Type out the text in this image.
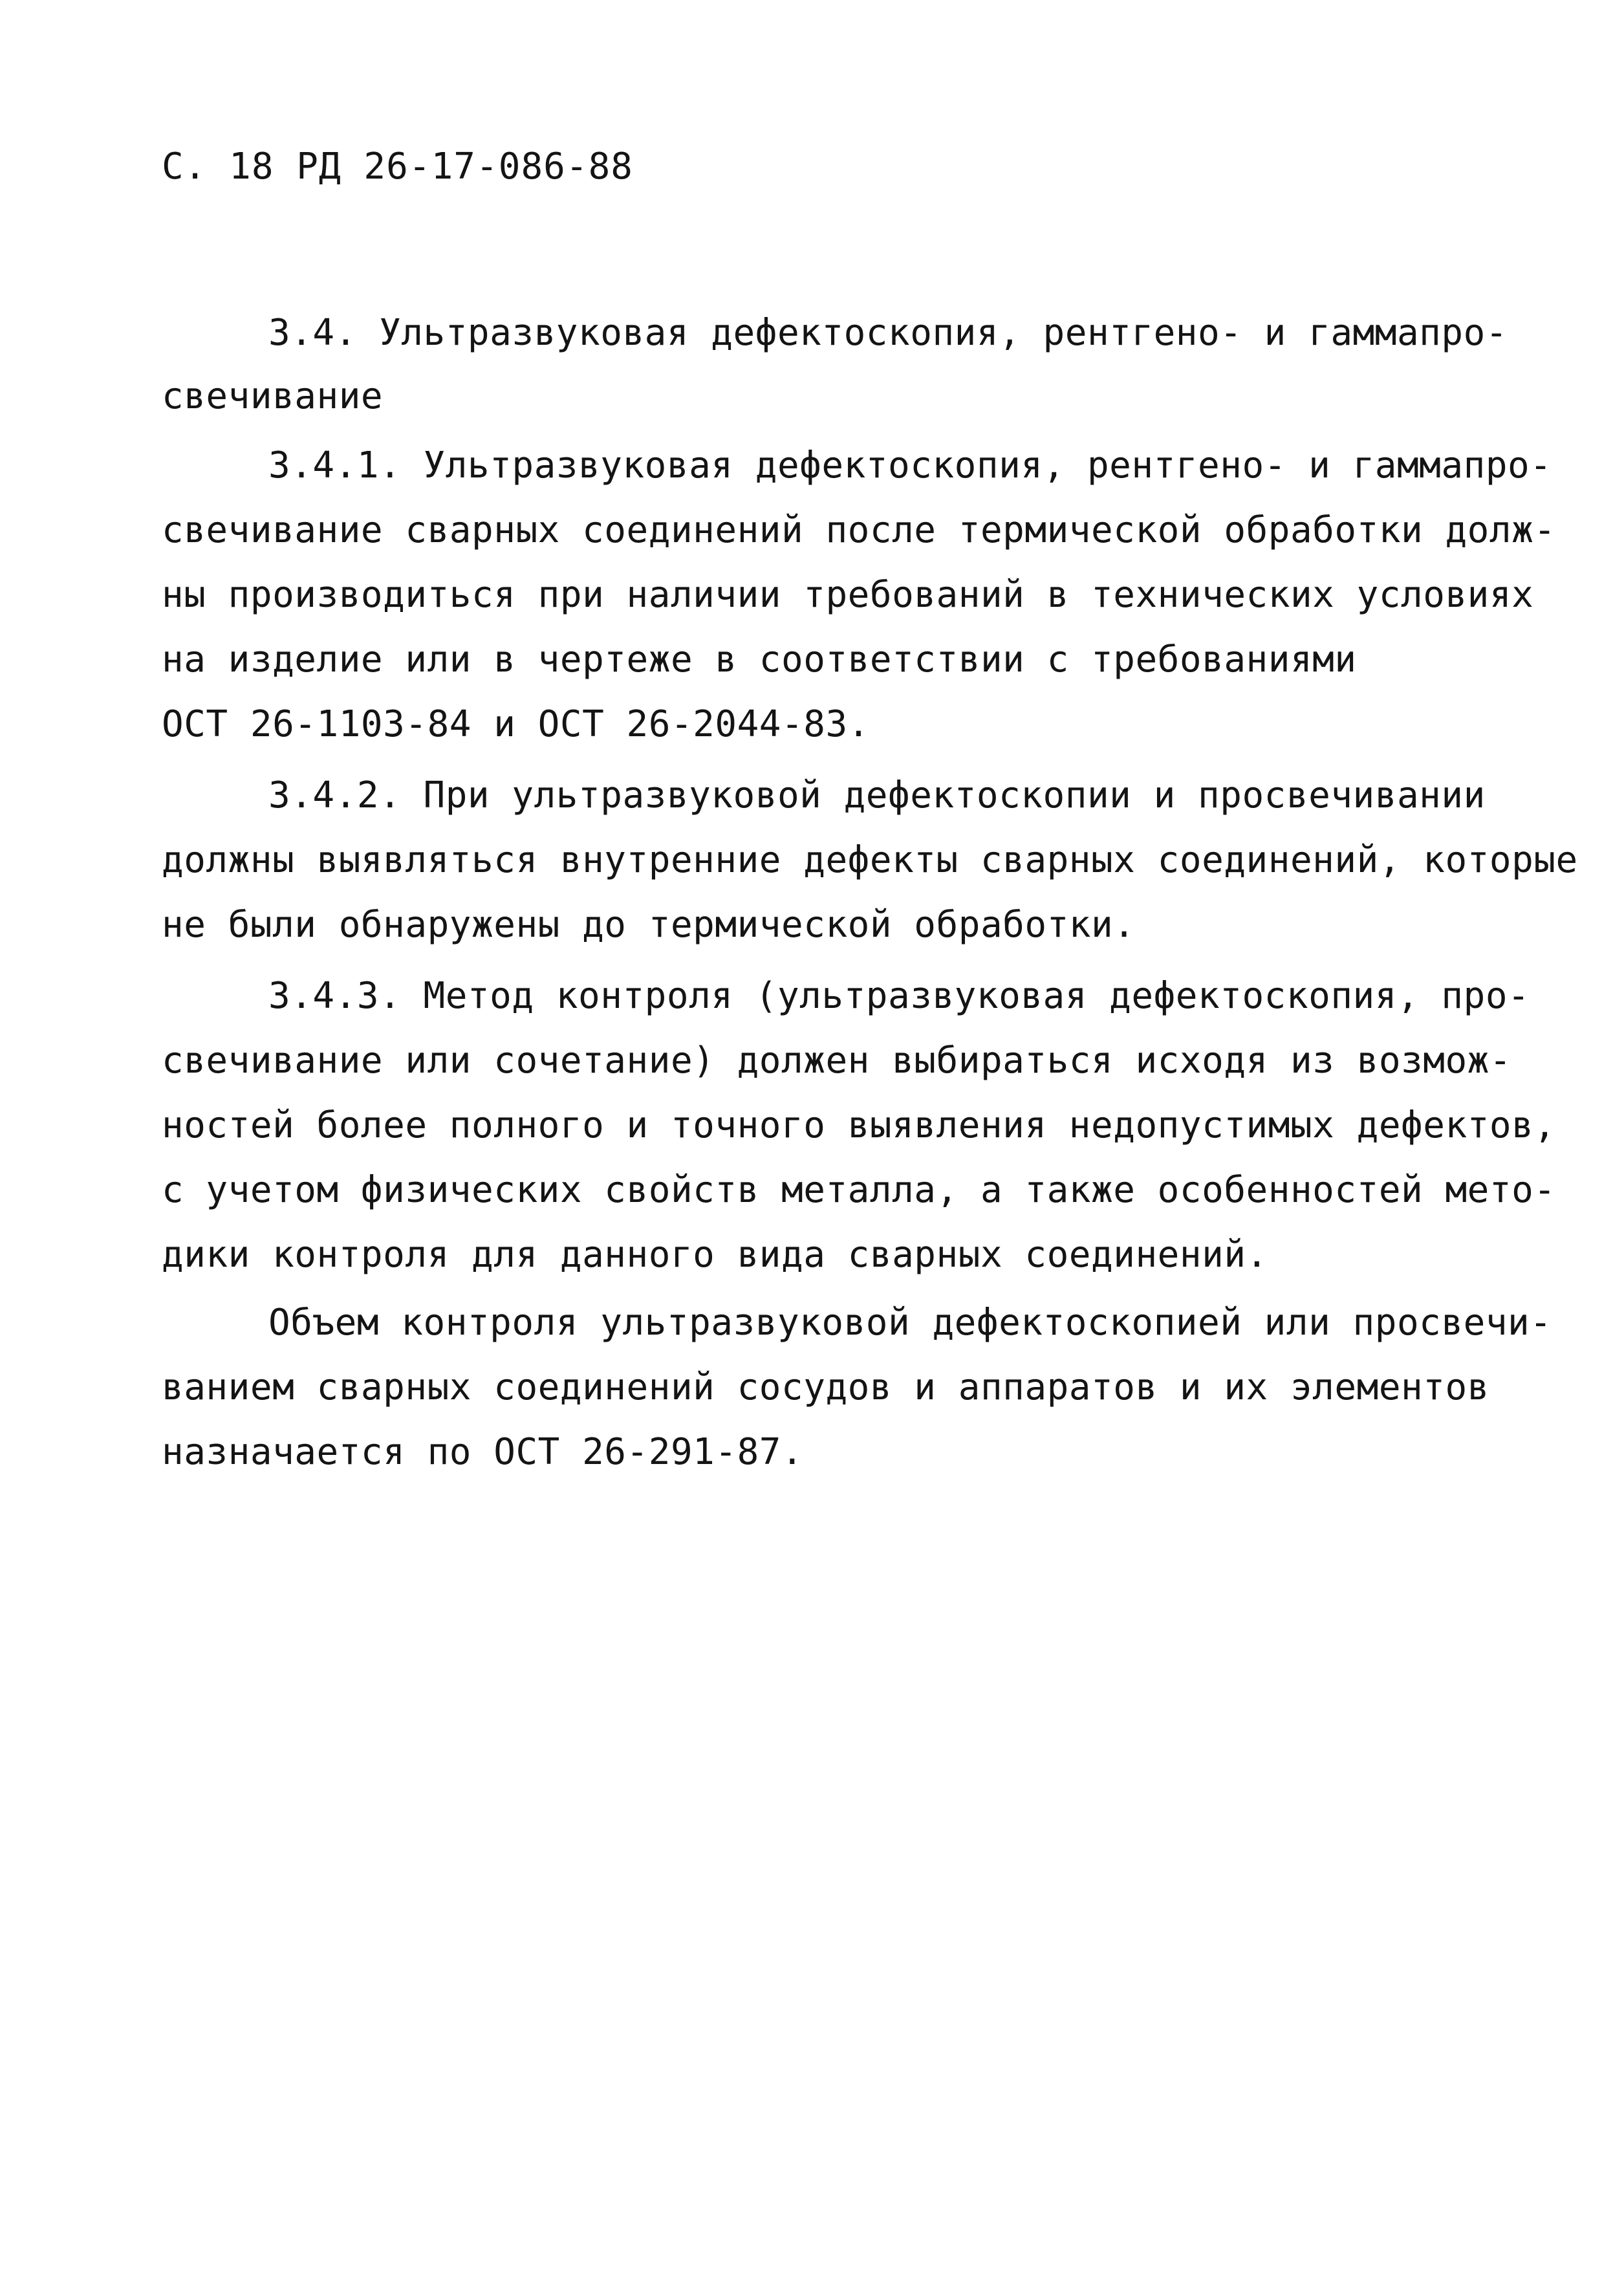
С. 18 РД 26-17-086-88

3.4. Ультразвуковая дефектоскопия, рентгено- и гаммапро-

свечивание

3.4.1. Ультразвуковая дефектоскопия, рентгено- и гаммапро-

свечивание сварных соединений после термической обработки долж-

ны производиться при наличии требований в технических условиях

на изделие или в чертеже в соответствии с требованиями

ОСТ 26-1103-84 и ОСТ 26-2044-83.

3.4.2. При ультразвуковой дефектоскопии и просвечивании

должны выявляться внутренние дефекты сварных соединений, которые

не были обнаружены до термической обработки.

3.4.3. Метод контроля (ультразвуковая дефектоскопия, про-

свечивание или сочетание) должен выбираться исходя из возмож-

ностей более полного и точного выявления недопустимых дефектов,

с учетом физических свойств металла, а также особенностей мето-

дики контроля для данного вида сварных соединений.

Объем контроля ультразвуковой дефектоскопией или просвечи-

ванием сварных соединений сосудов и аппаратов и их элементов

назначается по ОСТ 26-291-87.
